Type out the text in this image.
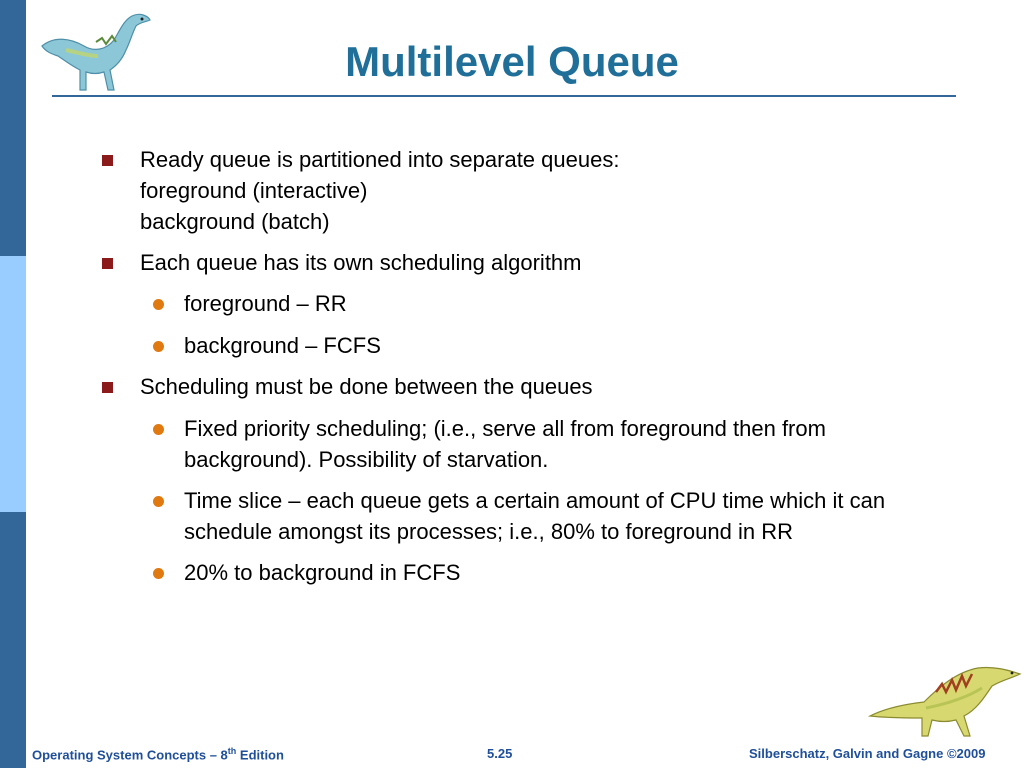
Multilevel Queue
Ready queue is partitioned into separate queues:
foreground (interactive)
background (batch)
Each queue has its own scheduling algorithm
foreground – RR
background – FCFS
Scheduling must be done between the queues
Fixed priority scheduling; (i.e., serve all from foreground then from
background). Possibility of starvation.
Time slice – each queue gets a certain amount of CPU time which it can
schedule amongst its processes; i.e., 80% to foreground in RR
20% to background in FCFS
Operating System Concepts – 8th Edition	5.25	Silberschatz, Galvin and Gagne ©2009
